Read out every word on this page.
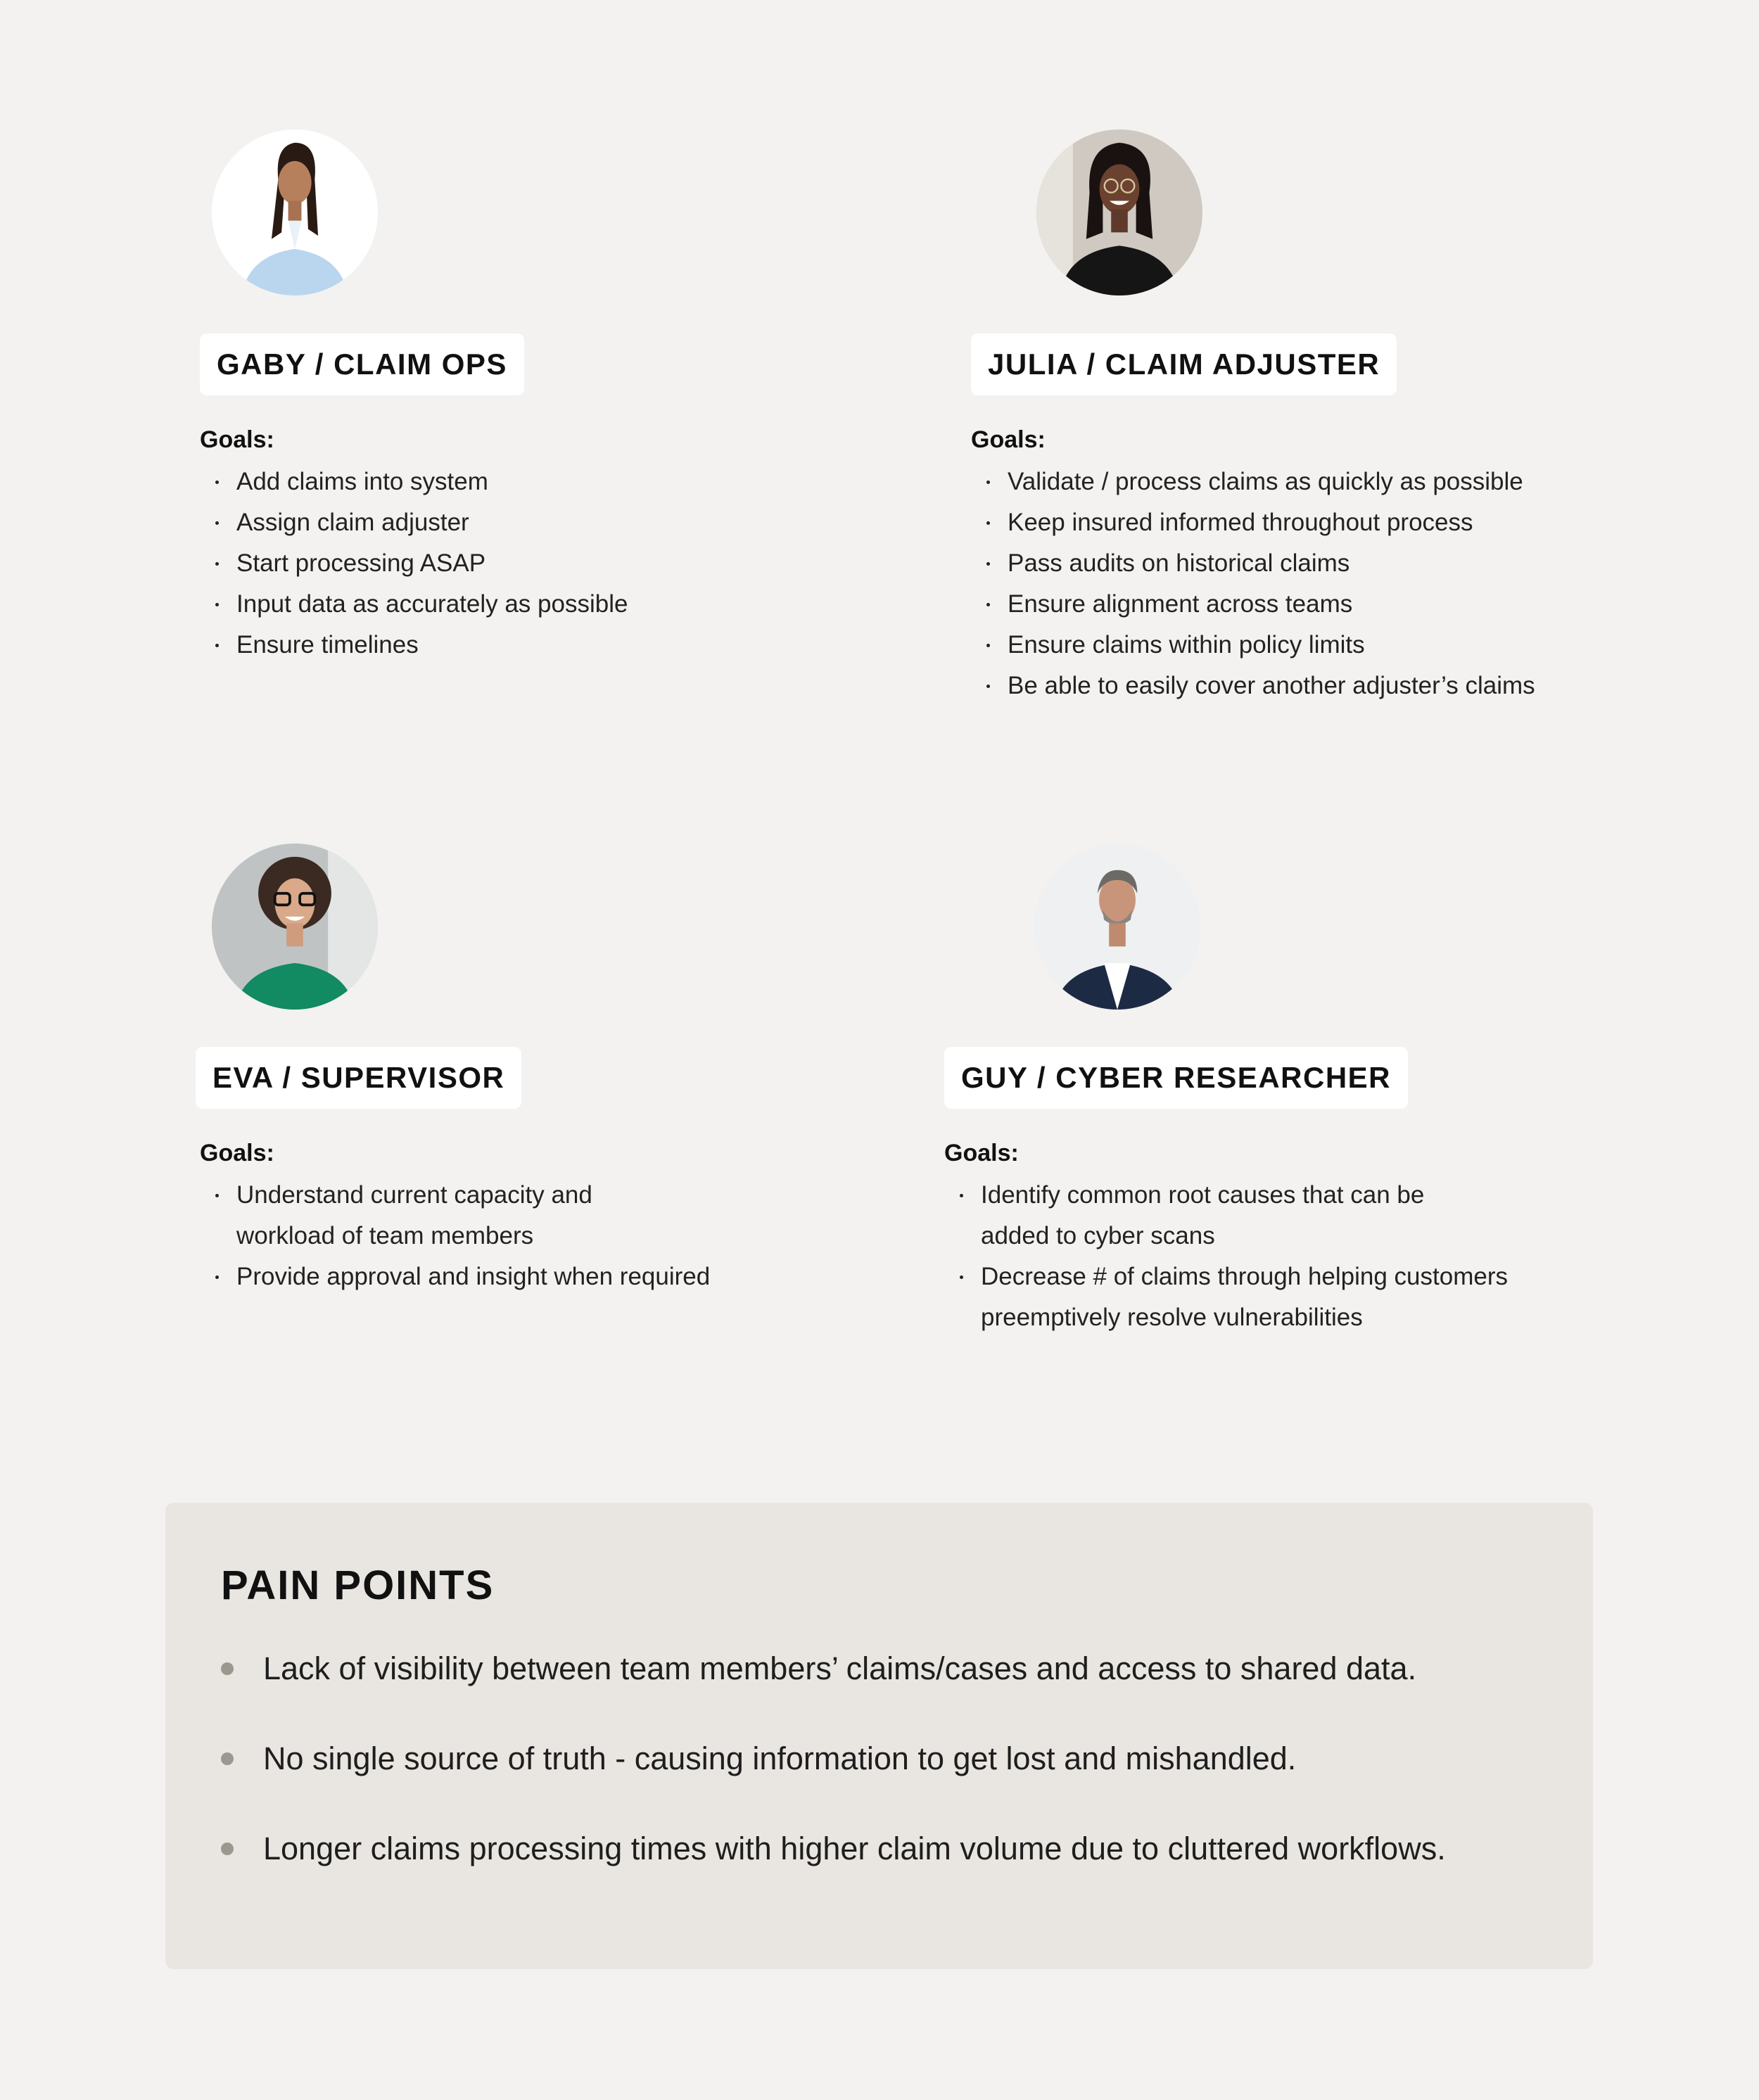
GABY / CLAIM OPS
Goals:
Add claims into system
Assign claim adjuster
Start processing ASAP
Input data as accurately as possible
Ensure timelines
JULIA / CLAIM ADJUSTER
Goals:
Validate / process claims as quickly as possible
Keep insured informed throughout process
Pass audits on historical claims
Ensure alignment across teams
Ensure claims within policy limits
Be able to easily cover another adjuster’s claims
EVA / SUPERVISOR
Goals:
Understand current capacity and
workload of team members
Provide approval and insight when required
GUY / CYBER RESEARCHER
Goals:
Identify common root causes that can be
added to cyber scans
Decrease # of claims through helping customers
preemptively resolve vulnerabilities
PAIN POINTS
Lack of visibility between team members’ claims/cases and access to shared data.
No single source of truth - causing information to get lost and mishandled.
Longer claims processing times with higher claim volume due to cluttered workflows.
